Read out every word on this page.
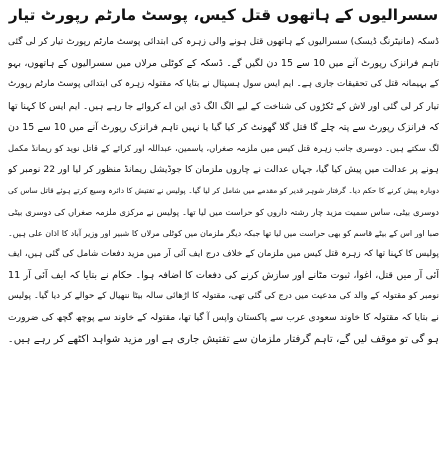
سسرالیوں کے ہاتھوں قتل کیس، پوسٹ مارٹم رپورٹ تیار
ڈسکہ (مانیٹرنگ ڈیسک) سسرالیوں کے ہاتھوں قتل ہونے والی زہرہ کی ابتدائی پوسٹ مارٹم رپورٹ تیار کر لی گئی
تاہم فرانزک رپورٹ آنے میں 10 سے 15 دن لگیں گے۔ ڈسکہ کے کوٹلی مرلاں میں سسرالیوں کے ہاتھوں، بہو
کے بہیمانہ قتل کی تحقیقات جاری ہے۔ ایم ایس سول ہسپتال نے بتایا کہ مقتولہ زہرہ کی ابتدائی پوسٹ مارٹم رپورٹ
تیار کر لی گئی اور لاش کے ٹکڑوں کی شناخت کے لیے الگ الگ ڈی این اے کروائے جا رہے ہیں۔ ایم ایس کا کہنا تھا
کہ فرانزک رپورٹ سے پتہ چلے گا قتل گلا گھونٹ کر کیا گیا یا نہیں تاہم فرانزک رپورٹ آنے میں 10 سے 15 دن
لگ سکتے ہیں۔ دوسری جانب زہرہ قتل کیس میں ملزمہ صغراں، یاسمین، عبداللہ اور کرائے کے قاتل نوید کو ریمانڈ مکمل
ہونے پر عدالت میں پیش کیا گیا، جہاں عدالت نے چاروں ملزمان کا جوڈیشل ریمانڈ منظور کر لیا اور 22 نومبر کو
دوبارہ پیش کرنے کا حکم دیا۔ گرفتار شوہر قدیر کو مقدمے میں شامل کر لیا گیا۔ پولیس نے تفتیش کا دائرہ وسیع کرتے ہوئے قاتل ساس کی
دوسری بیٹی، ساس سمیت مزید چار رشتہ داروں کو حراست میں لیا تھا۔ پولیس نے مرکزی ملزمہ صغراں کی دوسری بیٹی
صبا اور اس کے بیٹے قاسم کو بھی حراست میں لیا تھا جبکہ دیگر ملزمان میں کوٹلی مرلاں کا شبیر اور وزیر آباد کا اذان علی ہیں۔
پولیس کا کہنا تھا کہ زہرہ قتل کیس میں ملزمان کے خلاف درج ایف آئی آر میں مزید دفعات شامل کی گئی ہیں، ایف
آئی آر میں قتل، اغوا، ثبوت مٹانے اور سازش کرنے کی دفعات کا اضافہ ہوا۔ حکام نے بتایا کہ ایف آئی آر 11
نومبر کو مقتولہ کے والد کی مدعیت میں درج کی گئی تھی، مقتولہ کا اڑھائی سالہ بیٹا ننھیال کے حوالے کر دیا گیا۔ پولیس
نے بتایا کہ مقتولہ کا خاوند سعودی عرب سے پاکستان واپس آ گیا تھا، مقتولہ کے خاوند سے پوچھ گچھ کی ضرورت
ہو گی تو موقف لیں گے، تاہم گرفتار ملزمان سے تفتیش جاری ہے اور مزید شواہد اکٹھے کر رہے ہیں۔
